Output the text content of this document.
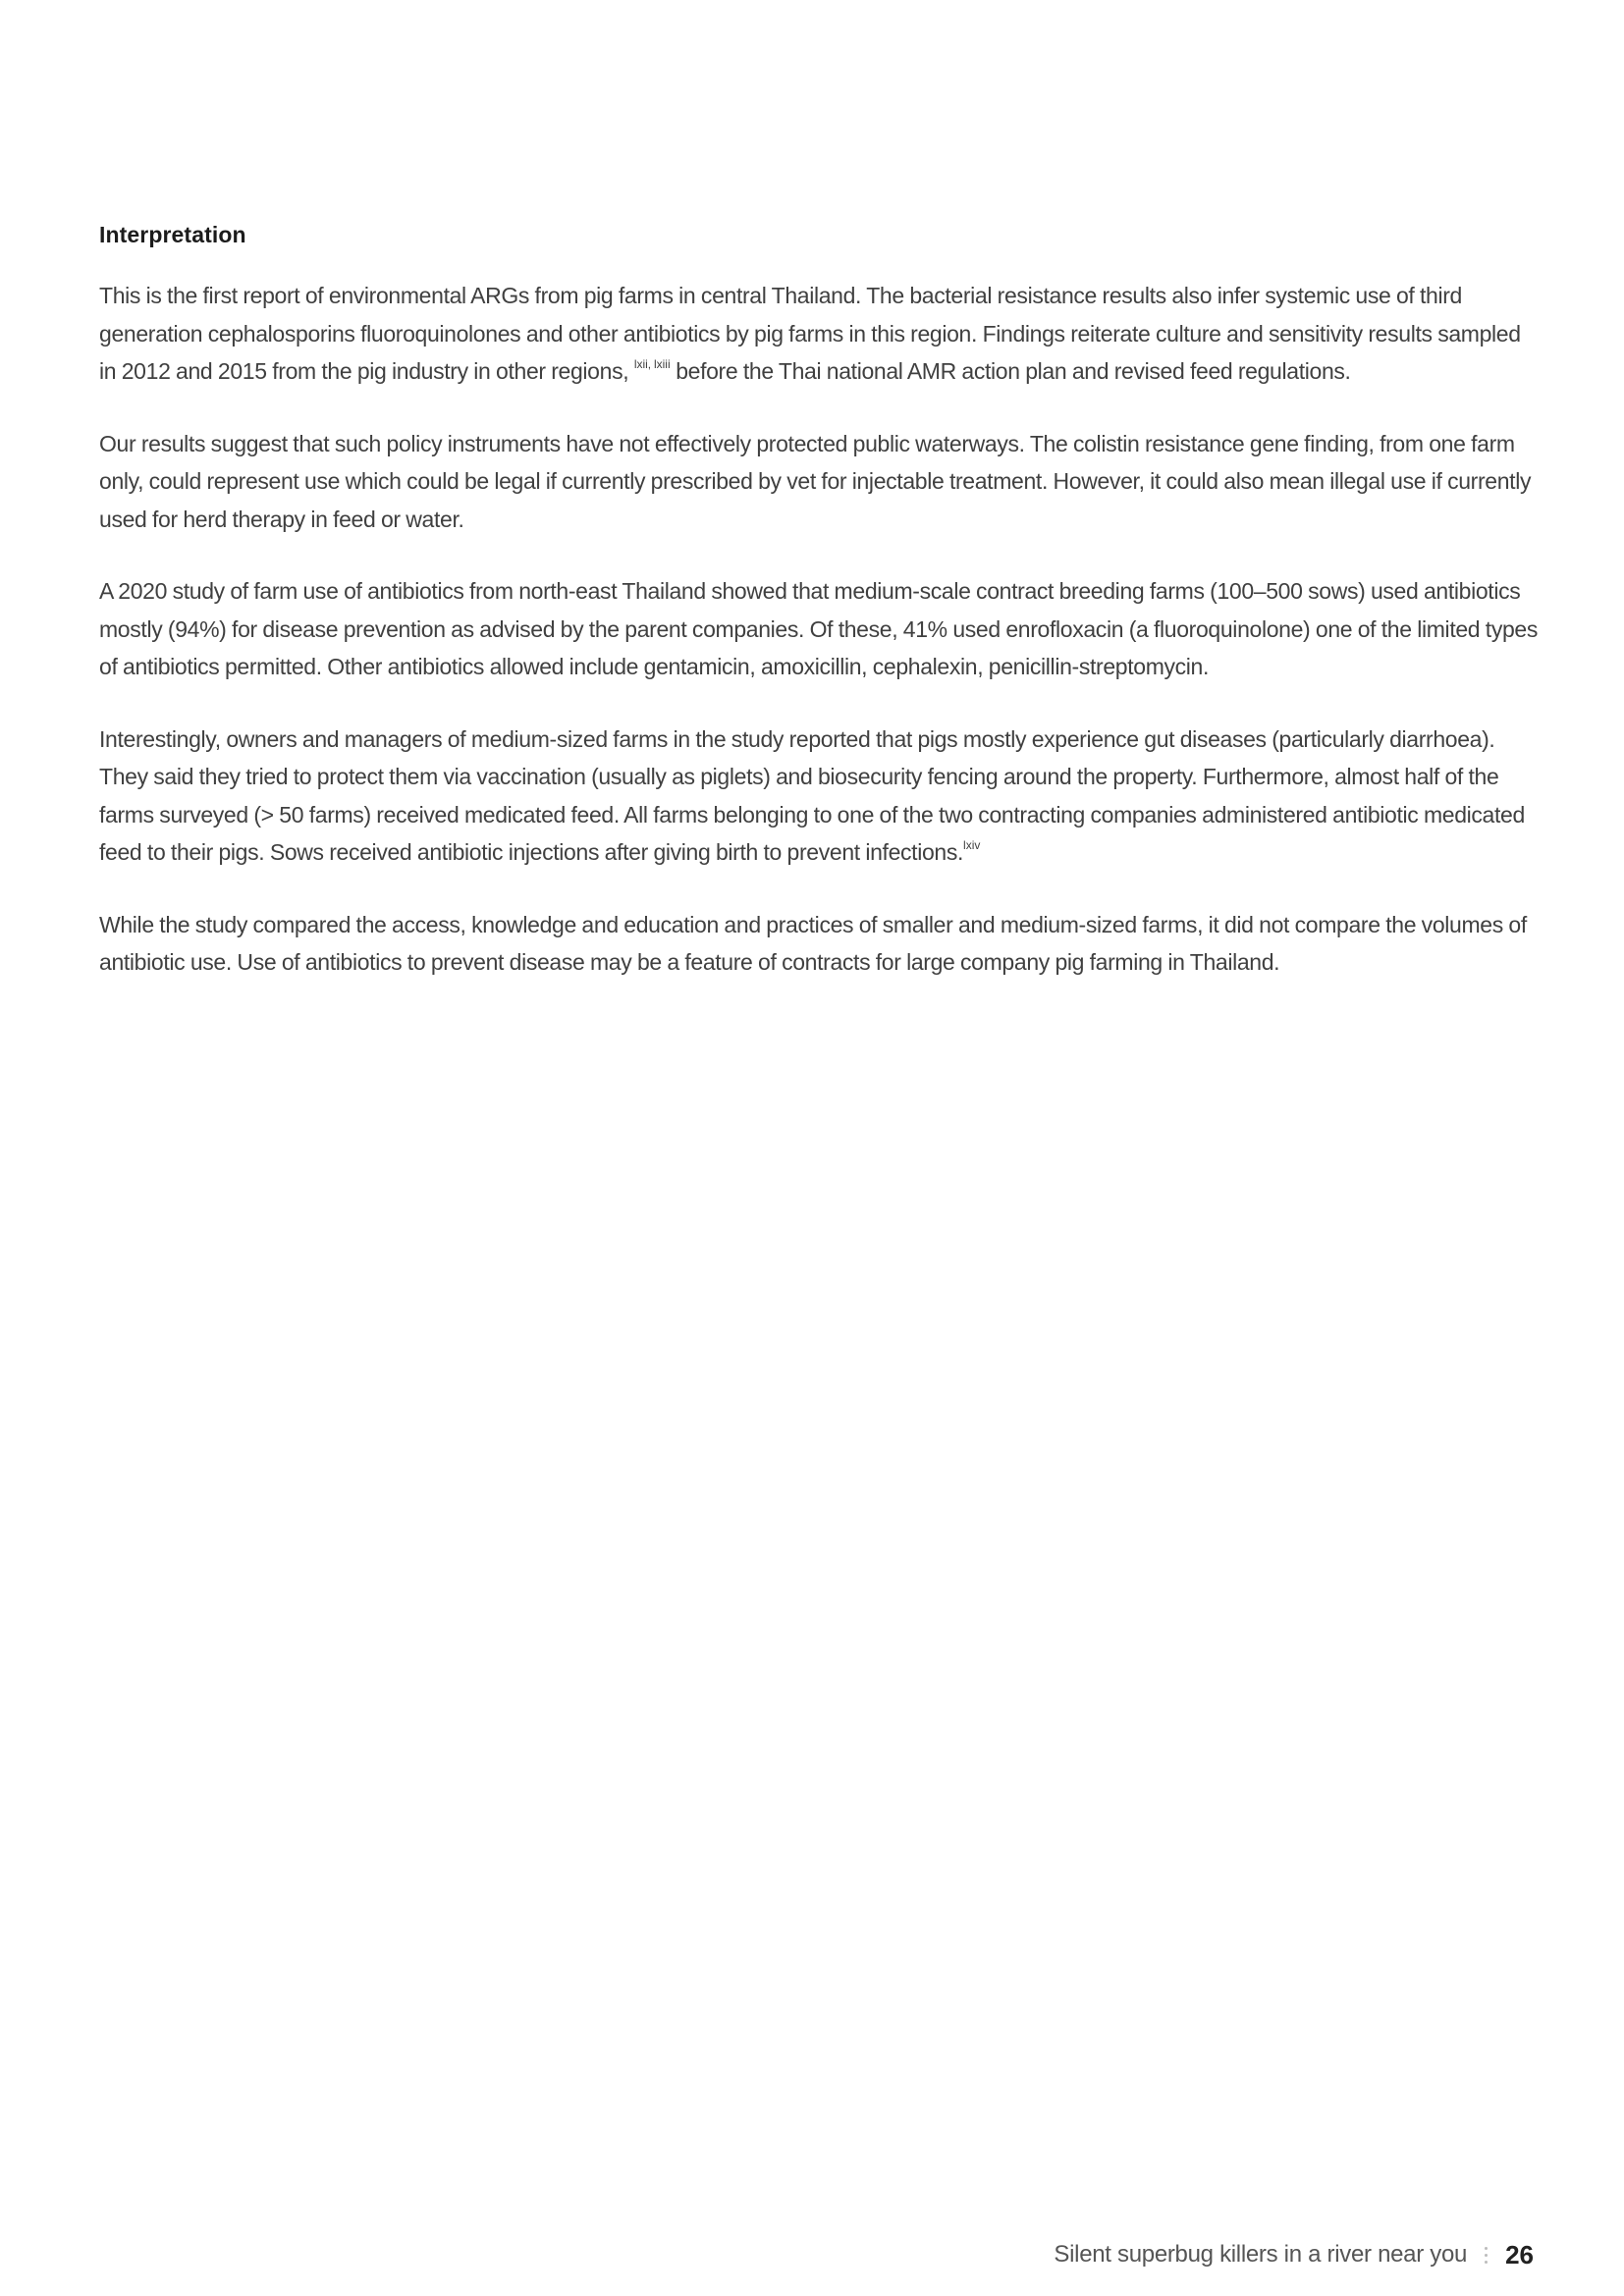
Interpretation

This is the first report of environmental ARGs from pig farms in central Thailand. The bacterial resistance results also infer systemic use of third generation cephalosporins fluoroquinolones and other antibiotics by pig farms in this region. Findings reiterate culture and sensitivity results sampled in 2012 and 2015 from the pig industry in other regions, $^{lxii, lxiii}$ before the Thai national AMR action plan and revised feed regulations.

Our results suggest that such policy instruments have not effectively protected public waterways. The colistin resistance gene finding, from one farm only, could represent use which could be legal if currently prescribed by vet for injectable treatment. However, it could also mean illegal use if currently used for herd therapy in feed or water.

A 2020 study of farm use of antibiotics from north-east Thailand showed that medium-scale contract breeding farms (100–500 sows) used antibiotics mostly (94%) for disease prevention as advised by the parent companies. Of these, 41% used enrofloxacin (a fluoroquinolone) one of the limited types of antibiotics permitted. Other antibiotics allowed include gentamicin, amoxicillin, cephalexin, penicillin-streptomycin.

Interestingly, owners and managers of medium-sized farms in the study reported that pigs mostly experience gut diseases (particularly diarrhoea). They said they tried to protect them via vaccination (usually as piglets) and biosecurity fencing around the property. Furthermore, almost half of the farms surveyed (> 50 farms) received medicated feed. All farms belonging to one of the two contracting companies administered antibiotic medicated feed to their pigs. Sows received antibiotic injections after giving birth to prevent infections.$^{lxiv}$

While the study compared the access, knowledge and education and practices of smaller and medium-sized farms, it did not compare the volumes of antibiotic use. Use of antibiotics to prevent disease may be a feature of contracts for large company pig farming in Thailand.

Silent superbug killers in a river near you 26
